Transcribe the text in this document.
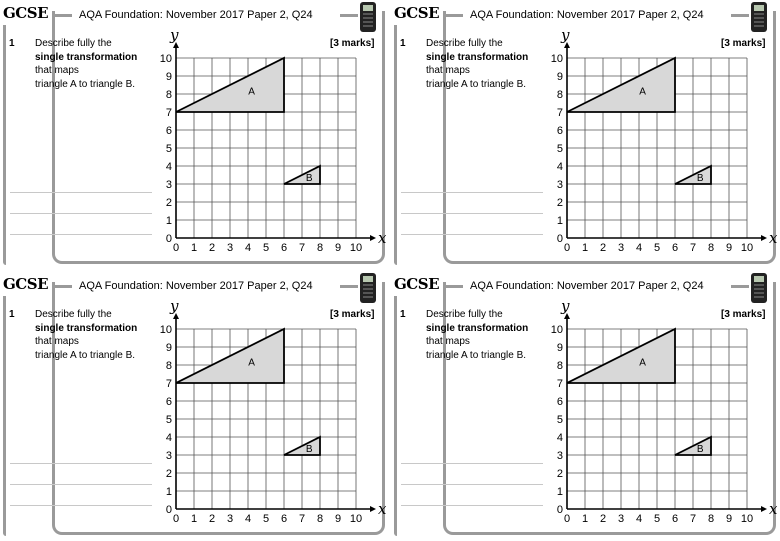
GCSE	AQA Foundation: November 2017 Paper 2, Q24
1 Describe fully the
single transformation
that maps
triangle A to triangle B.
[3 marks]
0 1 2 3 4 5 6 7 8 9 10
0
1
2
3
4
5
6
7
8
9
10
x
y
A
B
GCSE	AQA Foundation: November 2017 Paper 2, Q24
1 Describe fully the
single transformation
that maps
triangle A to triangle B.
[3 marks]
0 1 2 3 4 5 6 7 8 9 10
0
1
2
3
4
5
6
7
8
9
10
x
y
A
B
GCSE	AQA Foundation: November 2017 Paper 2, Q24
1 Describe fully the
single transformation
that maps
triangle A to triangle B.
[3 marks]
0 1 2 3 4 5 6 7 8 9 10
0
1
2
3
4
5
6
7
8
9
10
x
y
A
B
GCSE	AQA Foundation: November 2017 Paper 2, Q24
1 Describe fully the
single transformation
that maps
triangle A to triangle B.
[3 marks]
0 1 2 3 4 5 6 7 8 9 10
0
1
2
3
4
5
6
7
8
9
10
x
y
A
B
